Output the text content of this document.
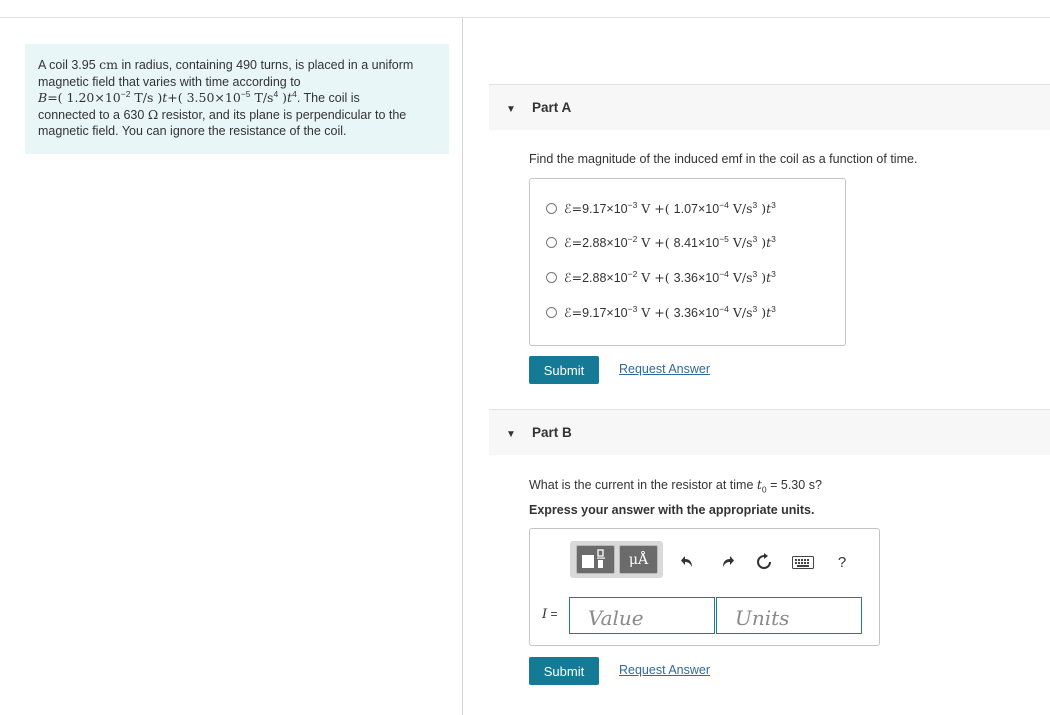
A coil 3.95 cm in radius, containing 490 turns, is placed in a uniform
magnetic field that varies with time according to
B=( $1.20\times 10^{-2}$ T/s )t+( $3.50\times 10^{-5}$ $T/s^4$ )$t^4$. The coil is
connected to a 630 Ω resistor, and its plane is perpendicular to the
magnetic field. You can ignore the resistance of the coil.
▼ Part A
Find the magnitude of the induced emf in the coil as a function of time.
$ℰ=9.17\times 10^{-3}$ V +( $1.07\times 10^{-4}$ $V/s^3$ )$t^3$
$ℰ=2.88\times 10^{-2}$ V +( $8.41\times 10^{-5}$ $V/s^3$ )$t^3$
$ℰ=2.88\times 10^{-2}$ V +( $3.36\times 10^{-4}$ $V/s^3$ )$t^3$
$ℰ=9.17\times 10^{-3}$ V +( $3.36\times 10^{-4}$ $V/s^3$ )$t^3$
Submit	Request Answer
▼ Part B
What is the current in the resistor at time $t_0 = 5.30$ s?
Express your answer with the appropriate units.
μÅ	?
I =
Value
Units
Submit	Request Answer
